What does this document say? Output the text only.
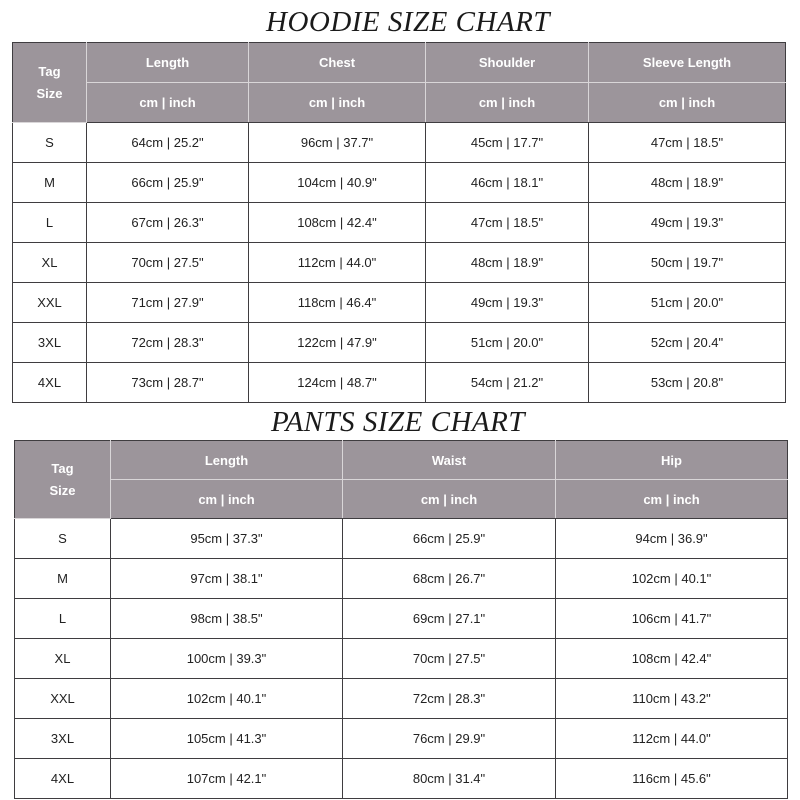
HOODIE SIZE CHART
Tag
Size	Length	Chest	Shoulder	Sleeve Length
	cm | inch	cm | inch	cm | inch	cm | inch
S	64cm | 25.2"	96cm | 37.7"	45cm | 17.7"	47cm | 18.5"
M	66cm | 25.9"	104cm | 40.9"	46cm | 18.1"	48cm | 18.9"
L	67cm | 26.3"	108cm | 42.4"	47cm | 18.5"	49cm | 19.3"
XL	70cm | 27.5"	112cm | 44.0"	48cm | 18.9"	50cm | 19.7"
XXL	71cm | 27.9"	118cm | 46.4"	49cm | 19.3"	51cm | 20.0"
3XL	72cm | 28.3"	122cm | 47.9"	51cm | 20.0"	52cm | 20.4"
4XL	73cm | 28.7"	124cm | 48.7"	54cm | 21.2"	53cm | 20.8"
PANTS SIZE CHART
Tag
Size	Length	Waist	Hip
	cm | inch	cm | inch	cm | inch
S	95cm | 37.3"	66cm | 25.9"	94cm | 36.9"
M	97cm | 38.1"	68cm | 26.7"	102cm | 40.1"
L	98cm | 38.5"	69cm | 27.1"	106cm | 41.7"
XL	100cm | 39.3"	70cm | 27.5"	108cm | 42.4"
XXL	102cm | 40.1"	72cm | 28.3"	110cm | 43.2"
3XL	105cm | 41.3"	76cm | 29.9"	112cm | 44.0"
4XL	107cm | 42.1"	80cm | 31.4"	116cm | 45.6"
